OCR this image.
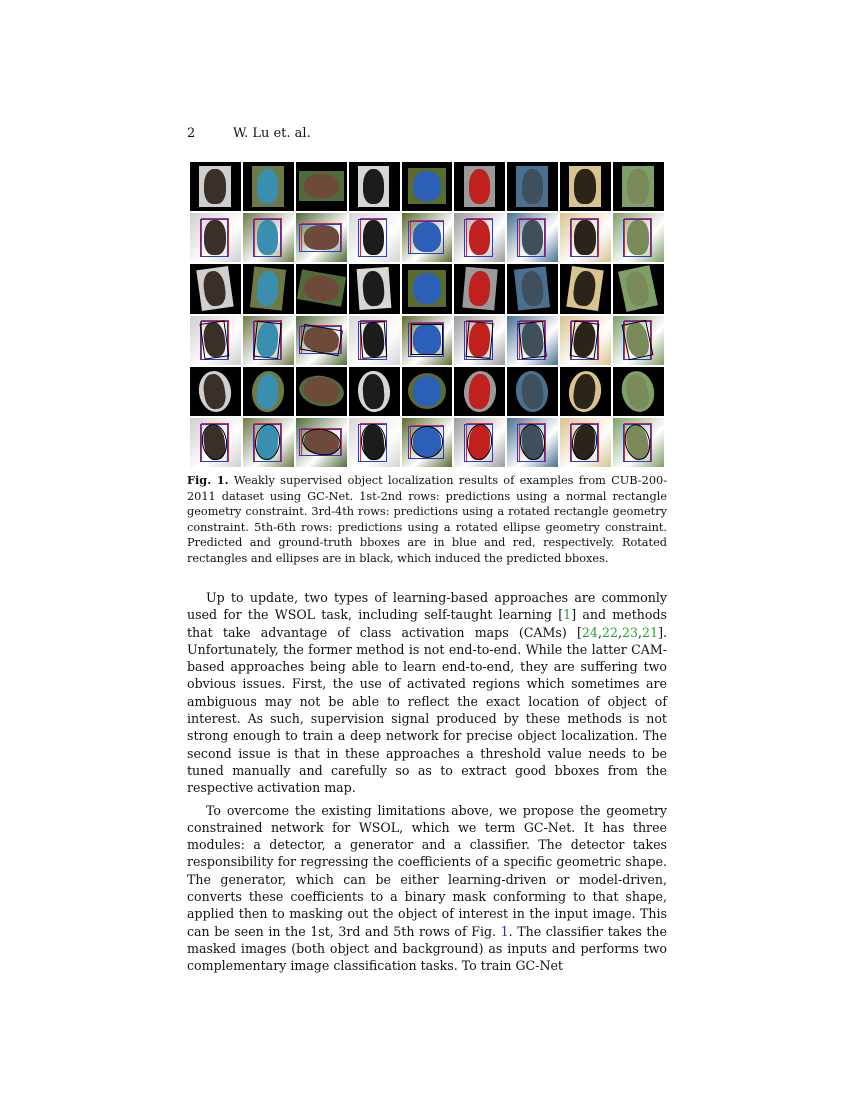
2	W. Lu et. al.
Fig. 1. Weakly supervised object localization results of examples from CUB-200-2011 dataset using GC-Net. 1st-2nd rows: predictions using a normal rectangle geometry constraint. 3rd-4th rows: predictions using a rotated rectangle geometry constraint. 5th-6th rows: predictions using a rotated ellipse geometry constraint. Predicted and ground-truth bboxes are in blue and red, respectively. Rotated rectangles and ellipses are in black, which induced the predicted bboxes.

Up to update, two types of learning-based approaches are commonly used for the WSOL task, including self-taught learning [1] and methods that take advantage of class activation maps (CAMs) [24,22,23,21]. Unfortunately, the former method is not end-to-end. While the latter CAM-based approaches being able to learn end-to-end, they are suffering two obvious issues. First, the use of activated regions which sometimes are ambiguous may not be able to reflect the exact location of object of interest. As such, supervision signal produced by these methods is not strong enough to train a deep network for precise object localization. The second issue is that in these approaches a threshold value needs to be tuned manually and carefully so as to extract good bboxes from the respective activation map.

To overcome the existing limitations above, we propose the geometry constrained network for WSOL, which we term GC-Net. It has three modules: a detector, a generator and a classifier. The detector takes responsibility for regressing the coefficients of a specific geometric shape. The generator, which can be either learning-driven or model-driven, converts these coefficients to a binary mask conforming to that shape, applied then to masking out the object of interest in the input image. This can be seen in the 1st, 3rd and 5th rows of Fig. 1. The classifier takes the masked images (both object and background) as inputs and performs two complementary image classification tasks. To train GC-Net
